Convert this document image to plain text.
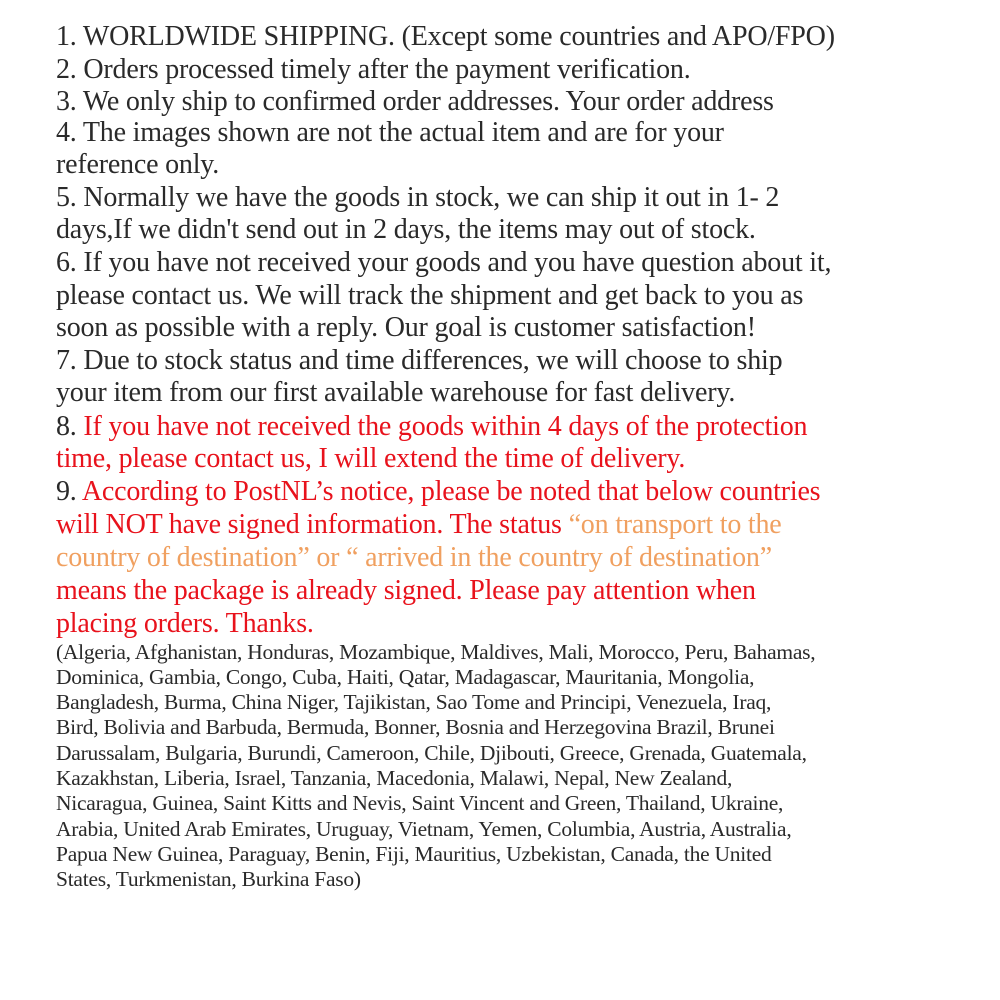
1. WORLDWIDE SHIPPING. (Except some countries and APO/FPO)
2. Orders processed timely after the payment verification.
3. We only ship to confirmed order addresses. Your order address
4. The images shown are not the actual item and are for your
reference only.
5. Normally we have the goods in stock, we can ship it out in 1- 2
days,If we didn't send out in 2 days, the items may out of stock.
6. If you have not received your goods and you have question about it,
please contact us. We will track the shipment and get back to you as
soon as possible with a reply. Our goal is customer satisfaction!
7. Due to stock status and time differences, we will choose to ship
your item from our first available warehouse for fast delivery.
8. If you have not received the goods within 4 days of the protection
time, please contact us, I will extend the time of delivery.
9. According to PostNL’s notice, please be noted that below countries
will NOT have signed information. The status “on transport to the
country of destination” or “ arrived in the country of destination”
means the package is already signed. Please pay attention when
placing orders. Thanks.
(Algeria, Afghanistan, Honduras, Mozambique, Maldives, Mali, Morocco, Peru, Bahamas,
Dominica, Gambia, Congo, Cuba, Haiti, Qatar, Madagascar, Mauritania, Mongolia,
Bangladesh, Burma, China Niger, Tajikistan, Sao Tome and Principi, Venezuela, Iraq,
Bird, Bolivia and Barbuda, Bermuda, Bonner, Bosnia and Herzegovina Brazil, Brunei
Darussalam, Bulgaria, Burundi, Cameroon, Chile, Djibouti, Greece, Grenada, Guatemala,
Kazakhstan, Liberia, Israel, Tanzania, Macedonia, Malawi, Nepal, New Zealand,
Nicaragua, Guinea, Saint Kitts and Nevis, Saint Vincent and Green, Thailand, Ukraine,
Arabia, United Arab Emirates, Uruguay, Vietnam, Yemen, Columbia, Austria, Australia,
Papua New Guinea, Paraguay, Benin, Fiji, Mauritius, Uzbekistan, Canada, the United
States, Turkmenistan, Burkina Faso)
